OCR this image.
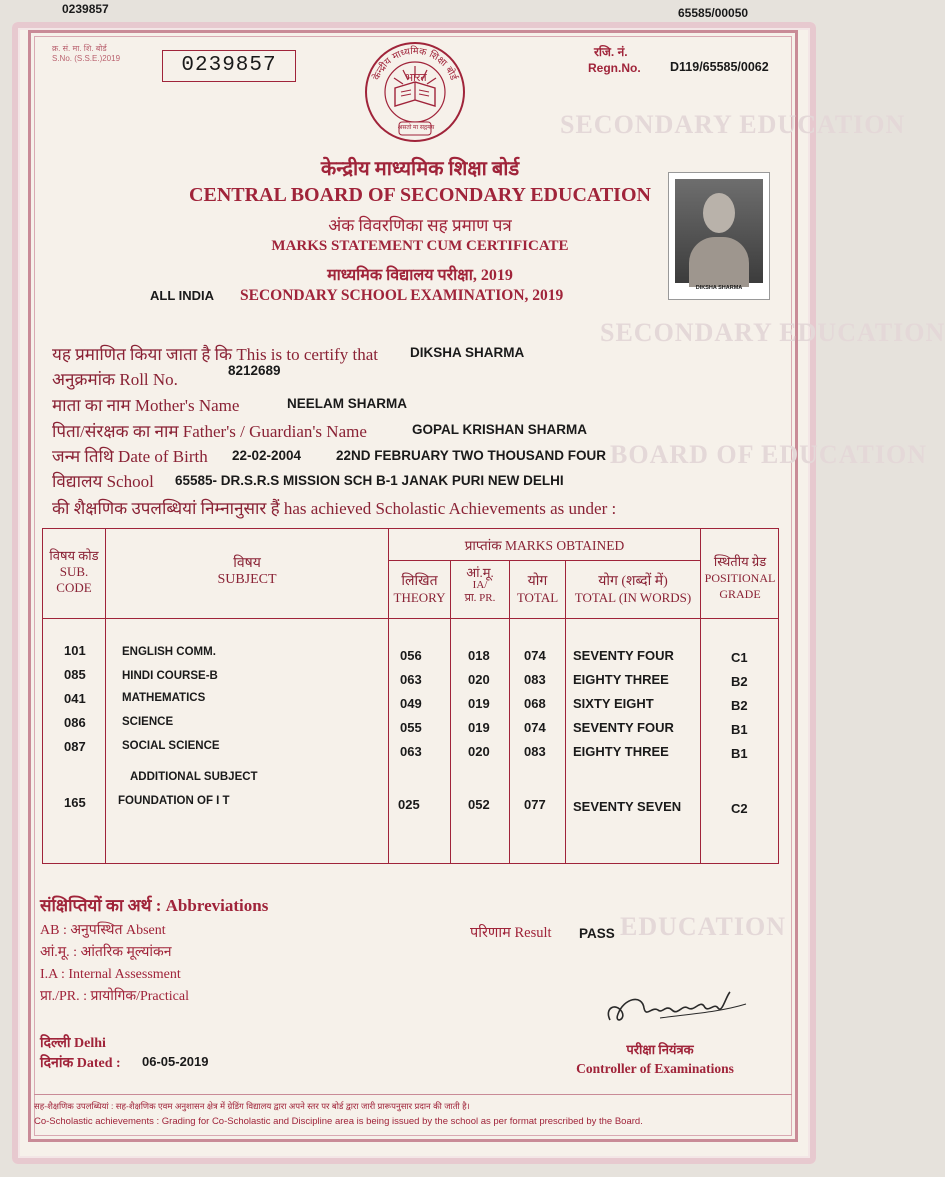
0239857	65585/00050
SECONDARY EDUCATION
SECONDARY EDUCATION
BOARD OF EDUCATION
EDUCATION
क्र. सं. मा. शि. बोर्ड
S.No. (S.S.E.)2019	0239857	केन्द्रीय माध्यमिक शिक्षा बोर्ड
भारत
असतो मा सद्गमय
रजि. नं.
Regn.No. D119/65585/0062
केन्द्रीय माध्यमिक शिक्षा बोर्ड
CENTRAL BOARD OF SECONDARY EDUCATION
अंक विवरणिका सह प्रमाण पत्र
MARKS STATEMENT CUM CERTIFICATE
माध्यमिक विद्यालय परीक्षा, 2019
ALL INDIA SECONDARY SCHOOL EXAMINATION, 2019	DIKSHA SHARMA
यह प्रमाणित किया जाता है कि This is to certify that DIKSHA SHARMA
अनुक्रमांक Roll No.	8212689
माता का नाम Mother's Name	NEELAM SHARMA
पिता/संरक्षक का नाम Father's / Guardian's Name	GOPAL KRISHAN SHARMA
जन्म तिथि Date of Birth 22-02-2004	22ND FEBRUARY TWO THOUSAND FOUR
विद्यालय School 65585- DR.S.R.S MISSION SCH B-1 JANAK PURI NEW DELHI
की शैक्षणिक उपलब्धियां निम्नानुसार हैं has achieved Scholastic Achievements as under :
विषय कोड
SUB. CODE
विषय
SUBJECT
प्राप्तांक MARKS OBTAINED
लिखित
THEORY
आं.मू.
IA/
प्रा. PR.
योग
TOTAL
योग (शब्दों में)
TOTAL (IN WORDS)
स्थितीय ग्रेड
POSITIONAL GRADE
101	ENGLISH COMM.	056	018	074 SEVENTY FOUR	C1
085	HINDI COURSE-B	063	020	083 EIGHTY THREE	B2
041	MATHEMATICS	049	019	068 SIXTY EIGHT	B2
086	SCIENCE	055	019	074 SEVENTY FOUR	B1
087	SOCIAL SCIENCE	063	020	083 EIGHTY THREE	B1
ADDITIONAL SUBJECT
165	FOUNDATION OF I T	025	052	077 SEVENTY SEVEN	C2
संक्षिप्तियों का अर्थ : Abbreviations
AB : अनुपस्थित Absent
आं.मू. : आंतरिक मूल्यांकन
I.A : Internal Assessment
प्रा./PR. : प्रायोगिक/Practical
परिणाम Result PASS
दिल्ली Delhi
दिनांक Dated : 06-05-2019
परीक्षा नियंत्रक
Controller of Examinations
सह-शैक्षणिक उपलब्धियां : सह-शैक्षणिक एवम अनुशासन क्षेत्र में ग्रेडिंग विद्यालय द्वारा अपने स्तर पर बोर्ड द्वारा जारी प्रारूपनुसार प्रदान की जाती है।
Co-Scholastic achievements : Grading for Co-Scholastic and Discipline area is being issued by the school as per format prescribed by the Board.
